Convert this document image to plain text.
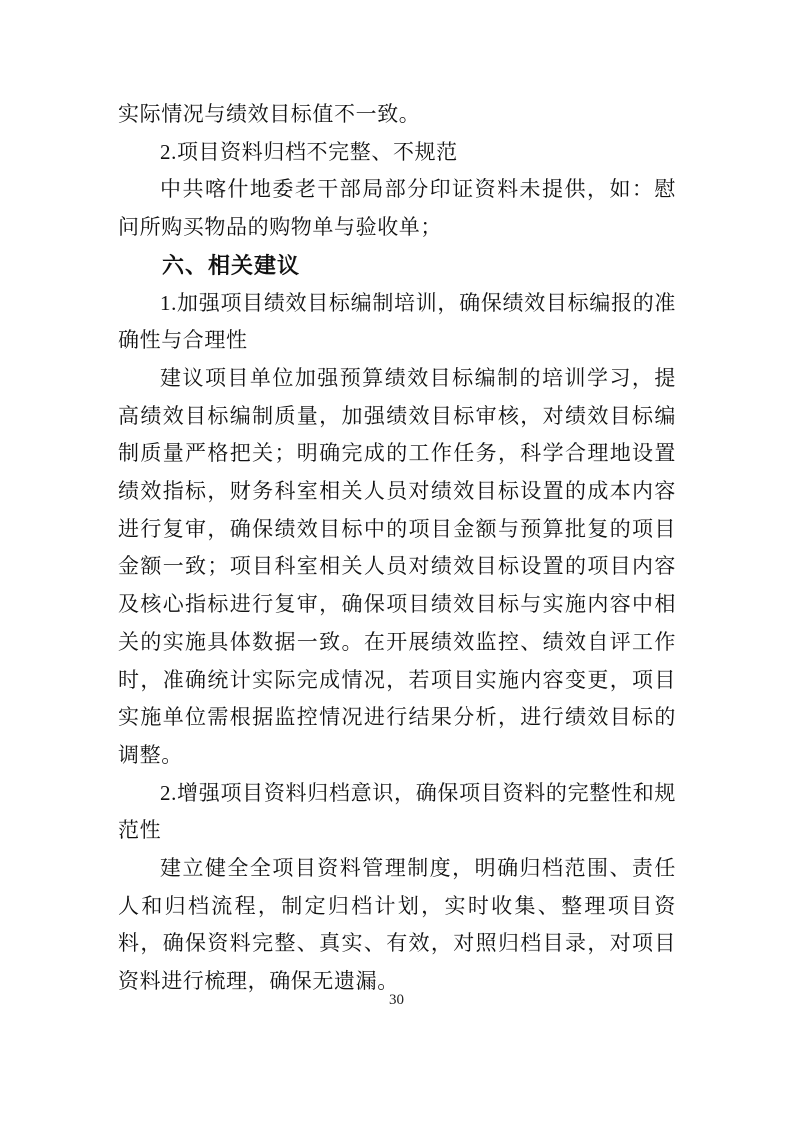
实际情况与绩效目标值不一致。

2.项目资料归档不完整、不规范

中共喀什地委老干部局部分印证资料未提供，如：慰问所购买物品的购物单与验收单；

六、相关建议

1.加强项目绩效目标编制培训，确保绩效目标编报的准确性与合理性

建议项目单位加强预算绩效目标编制的培训学习，提高绩效目标编制质量，加强绩效目标审核，对绩效目标编制质量严格把关；明确完成的工作任务，科学合理地设置绩效指标，财务科室相关人员对绩效目标设置的成本内容进行复审，确保绩效目标中的项目金额与预算批复的项目金额一致；项目科室相关人员对绩效目标设置的项目内容及核心指标进行复审，确保项目绩效目标与实施内容中相关的实施具体数据一致。在开展绩效监控、绩效自评工作时，准确统计实际完成情况，若项目实施内容变更，项目实施单位需根据监控情况进行结果分析，进行绩效目标的调整。

2.增强项目资料归档意识，确保项目资料的完整性和规范性

建立健全全项目资料管理制度，明确归档范围、责任人和归档流程，制定归档计划，实时收集、整理项目资料，确保资料完整、真实、有效，对照归档目录，对项目资料进行梳理，确保无遗漏。

30
